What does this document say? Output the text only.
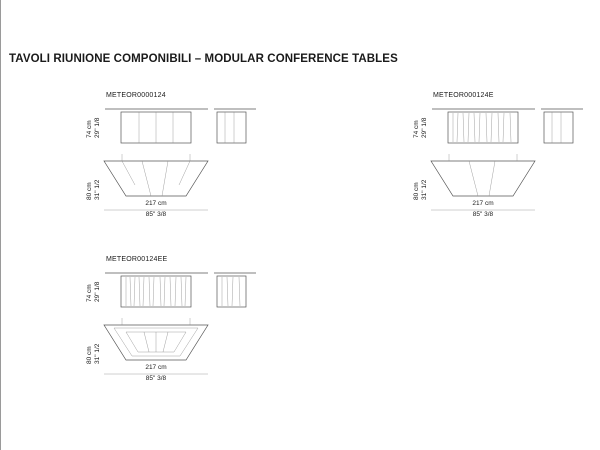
TAVOLI RIUNIONE COMPONIBILI – MODULAR CONFERENCE TABLES
METEOR0000124
74 cm 29" 1/8
80 cm 31" 1/2
217 cm
85" 3/8
METEOR000124E
74 cm 29" 1/8
80 cm 31" 1/2
217 cm
85" 3/8
METEOR00124EE
74 cm 29" 1/8
80 cm 31" 1/2
217 cm
85" 3/8
